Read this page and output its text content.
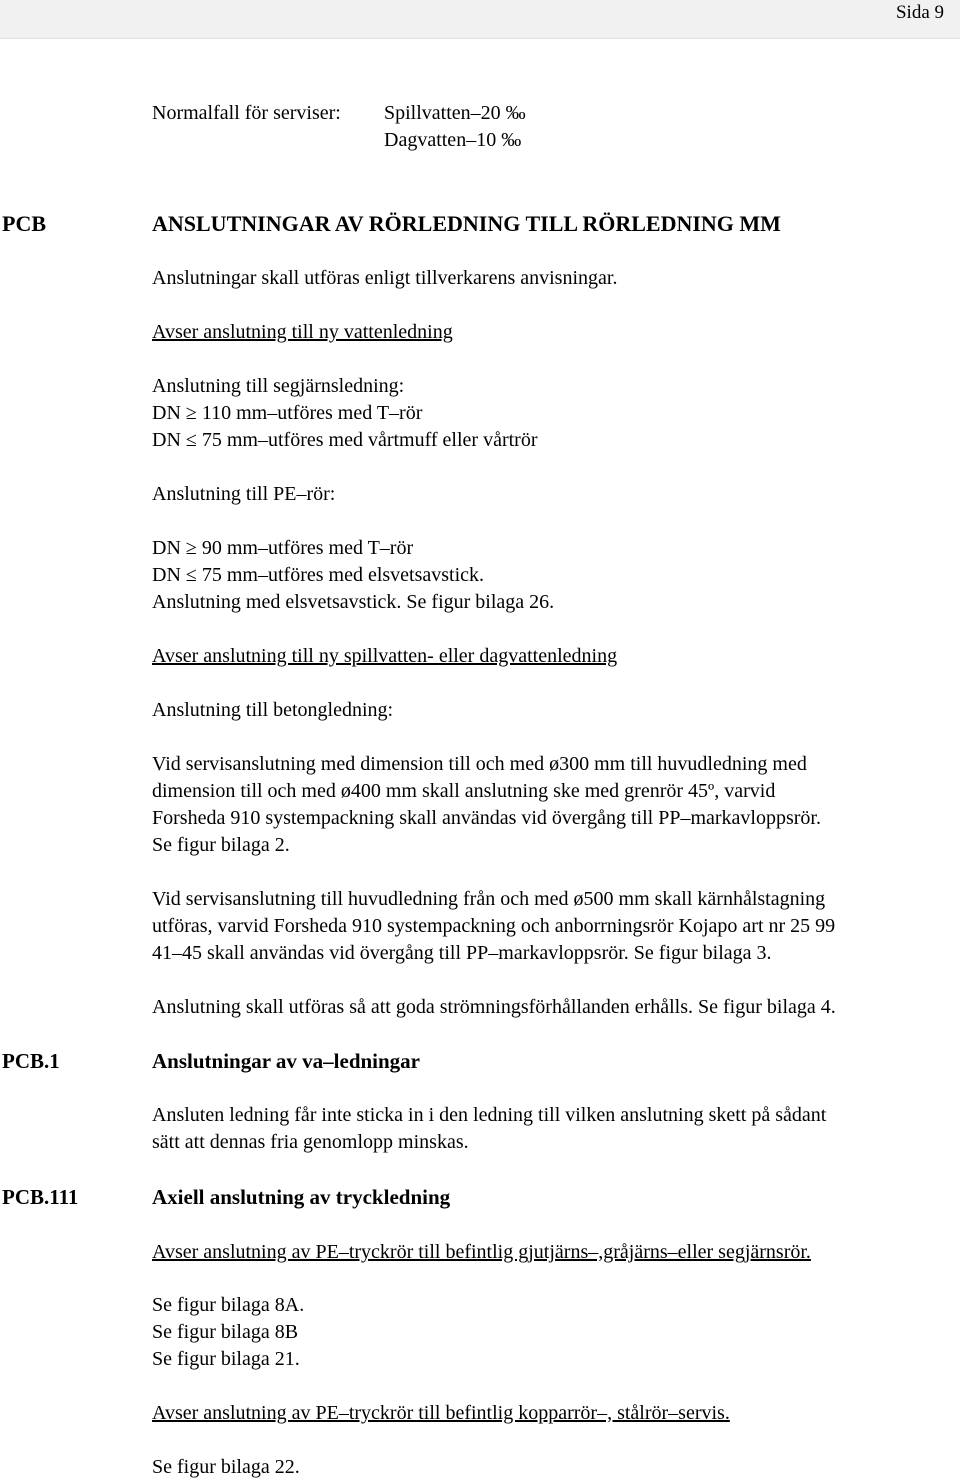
Sida 9
Normalfall för serviser: Spillvatten–20 ‰
Dagvatten–10 ‰
PCB	ANSLUTNINGAR AV RÖRLEDNING TILL RÖRLEDNING MM
Anslutningar skall utföras enligt tillverkarens anvisningar.
Avser anslutning till ny vattenledning
Anslutning till segjärnsledning:
DN ≥ 110 mm–utföres med T–rör
DN ≤ 75 mm–utföres med vårtmuff eller vårtrör
Anslutning till PE–rör:
DN ≥ 90 mm–utföres med T–rör
DN ≤ 75 mm–utföres med elsvetsavstick.
Anslutning med elsvetsavstick. Se figur bilaga 26.
Avser anslutning till ny spillvatten- eller dagvattenledning
Anslutning till betongledning:
Vid servisanslutning med dimension till och med ø300 mm till huvudledning med
dimension till och med ø400 mm skall anslutning ske med grenrör 45º, varvid
Forsheda 910 systempackning skall användas vid övergång till PP–markavloppsrör.
Se figur bilaga 2.
Vid servisanslutning till huvudledning från och med ø500 mm skall kärnhålstagning
utföras, varvid Forsheda 910 systempackning och anborrningsrör Kojapo art nr 25 99
41–45 skall användas vid övergång till PP–markavloppsrör. Se figur bilaga 3.
Anslutning skall utföras så att goda strömningsförhållanden erhålls. Se figur bilaga 4.
PCB.1	Anslutningar av va–ledningar
Ansluten ledning får inte sticka in i den ledning till vilken anslutning skett på sådant
sätt att dennas fria genomlopp minskas.
PCB.111	Axiell anslutning av tryckledning
Avser anslutning av PE–tryckrör till befintlig gjutjärns–,gråjärns–eller segjärnsrör.
Se figur bilaga 8A.
Se figur bilaga 8B
Se figur bilaga 21.
Avser anslutning av PE–tryckrör till befintlig kopparrör–, stålrör–servis.
Se figur bilaga 22.
